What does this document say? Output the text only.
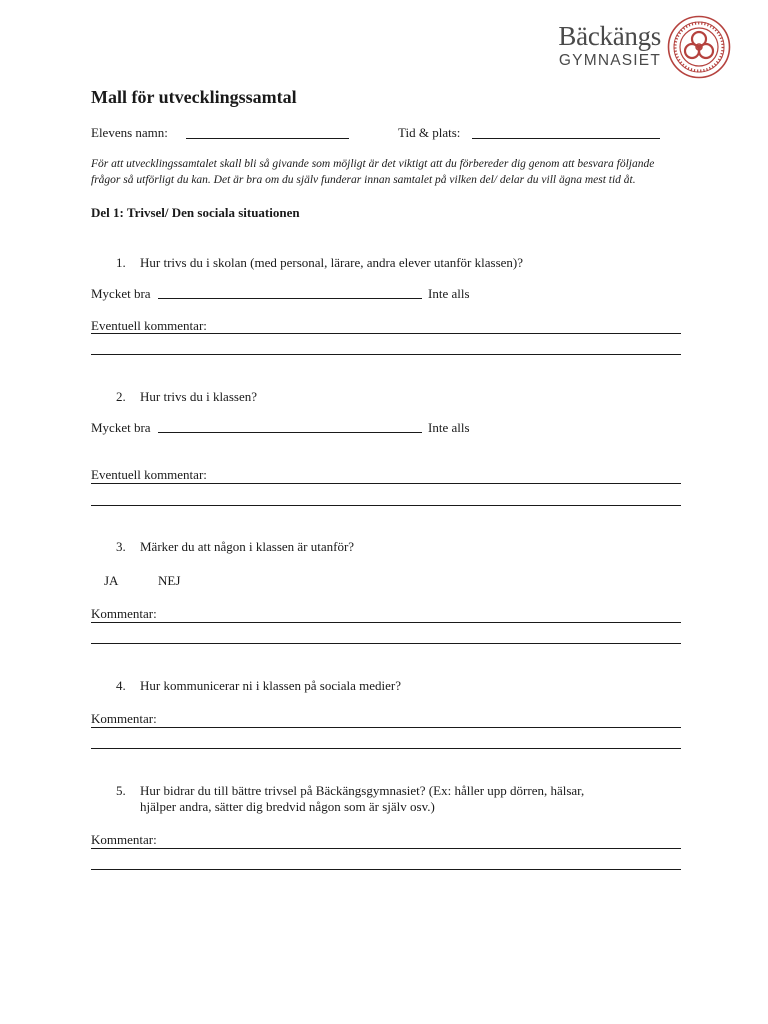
Bäckängs
GYMNASIET
Mall för utvecklingssamtal
Elevens namn:	Tid & plats:
För att utvecklingssamtalet skall bli så givande som möjligt är det viktigt att du förbereder dig genom att besvara följande frågor så utförligt du kan. Det är bra om du själv funderar innan samtalet på vilken del/ delar du vill ägna mest tid åt.
Del 1: Trivsel/ Den sociala situationen
1. Hur trivs du i skolan (med personal, lärare, andra elever utanför klassen)?
Mycket bra	Inte alls
Eventuell kommentar:
2. Hur trivs du i klassen?
Mycket bra	Inte alls
Eventuell kommentar:
3. Märker du att någon i klassen är utanför?
JA	NEJ
Kommentar:
4. Hur kommunicerar ni i klassen på sociala medier?
Kommentar:
5. Hur bidrar du till bättre trivsel på Bäckängsgymnasiet? (Ex: håller upp dörren, hälsar,
hjälper andra, sätter dig bredvid någon som är själv osv.)
Kommentar:
